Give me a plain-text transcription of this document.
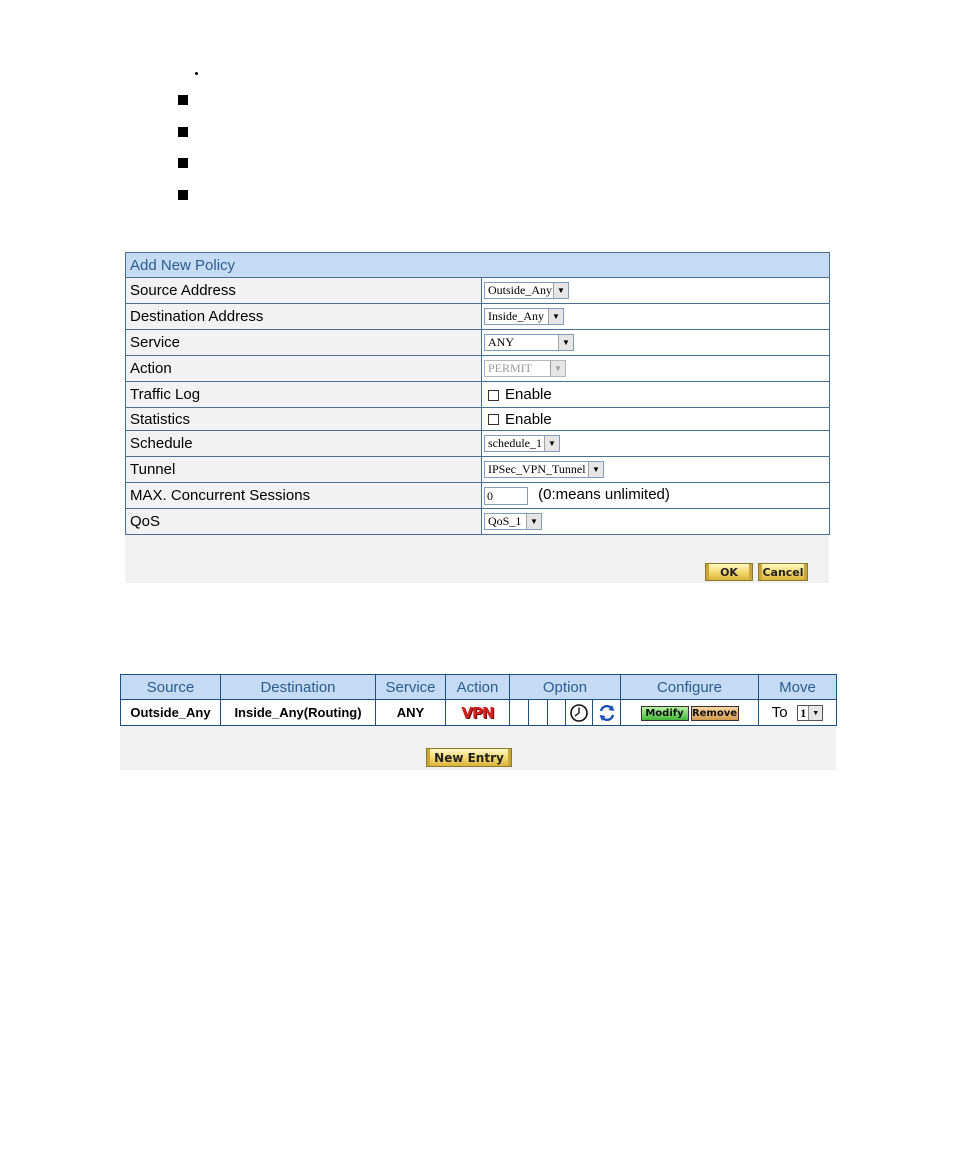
Add New Policy	
Source Address	Outside_Any ▼

Destination Address	Inside_Any ▼

Service	ANY ▼

Action	PERMIT ▼

Traffic Log	Enable
Statistics	Enable
Schedule	schedule_1 ▼

Tunnel	IPSec_VPN_Tunnel ▼

MAX. Concurrent Sessions	0 (0:means unlimited)
QoS	QoS_1 ▼
OK	Cancel
Source	Destination	Service	Action	Option	Configure	Move
Outside_Any	Inside_Any(Routing)	ANY	VPN		Modify Remove	To 1 ▼
New Entry
